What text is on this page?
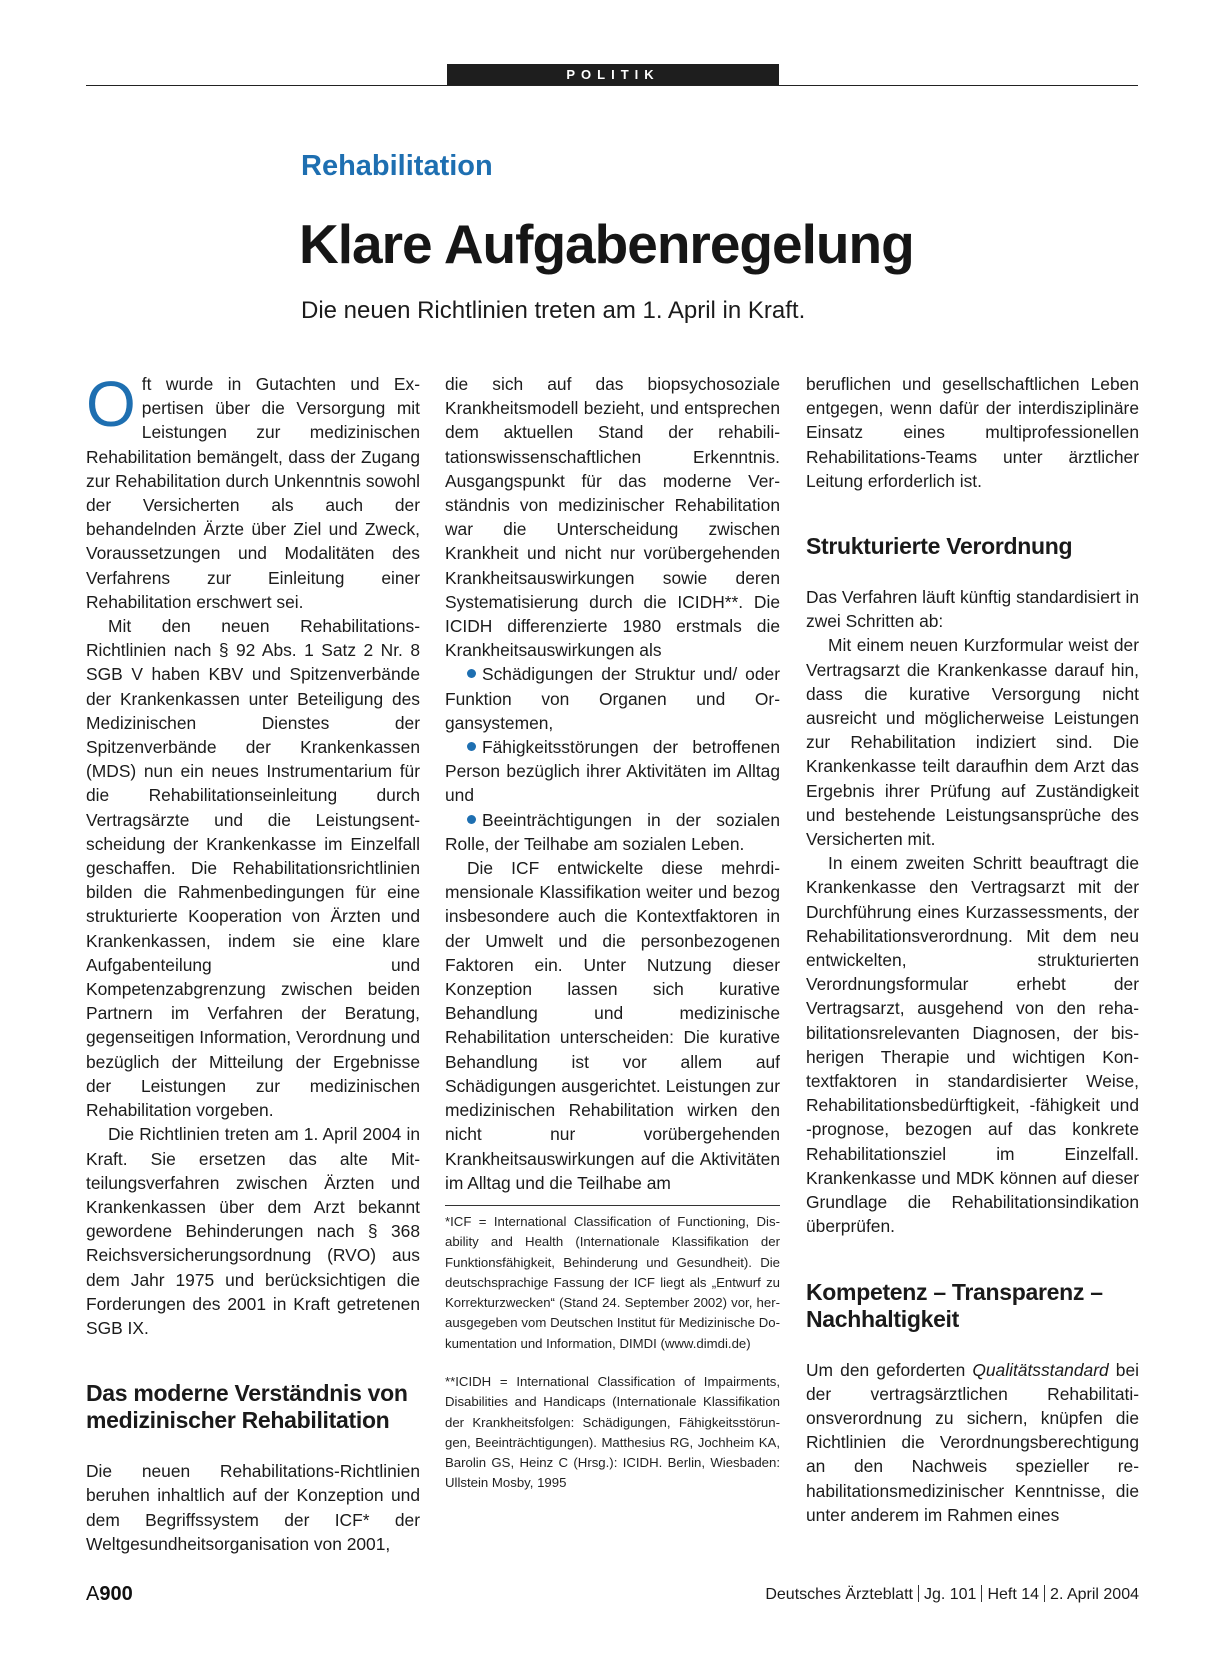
POLITIK
Rehabilitation
Klare Aufgabenregelung
Die neuen Richtlinien treten am 1. April in Kraft.

Oft wurde in Gutachten und Expertisen über die Versorgung mit Leistungen zur medizinischen Rehabilitation bemängelt, dass der Zugang zur Rehabilitation durch Unkenntnis sowohl der Versicherten als auch der behandelnden Ärzte über Ziel und Zweck, Voraussetzungen und Modalitäten des Verfahrens zur Einleitung einer Rehabilitation erschwert sei.

Mit den neuen Rehabilitations-Richtlinien nach § 92 Abs. 1 Satz 2 Nr. 8 SGB V haben KBV und Spitzenverbände der Krankenkassen unter Beteiligung des Medizinischen Dienstes der Spitzenverbände der Krankenkassen (MDS) nun ein neues Instrumentarium für die Rehabilitationseinleitung durch Vertragsärzte und die Leistungsentscheidung der Krankenkasse im Einzelfall geschaffen. Die Rehabilitationsrichtlinien bilden die Rahmenbedingungen für eine strukturierte Kooperation von Ärzten und Krankenkassen, indem sie eine klare Aufgabenteilung und Kompetenzabgrenzung zwischen beiden Partnern im Verfahren der Beratung, gegenseitigen Information, Verordnung und bezüglich der Mitteilung der Ergebnisse der Leistungen zur medizinischen Rehabilitation vorgeben.

Die Richtlinien treten am 1. April 2004 in Kraft. Sie ersetzen das alte Mitteilungsverfahren zwischen Ärzten und Krankenkassen über dem Arzt bekannt gewordene Behinderungen nach § 368 Reichsversicherungsordnung (RVO) aus dem Jahr 1975 und berücksichtigen die Forderungen des 2001 in Kraft getretenen SGB IX.

Das moderne Verständnis von
medizinischer Rehabilitation

Die neuen Rehabilitations-Richtlinien beruhen inhaltlich auf der Konzeption und dem Begriffssystem der ICF* der Weltgesundheitsorganisation von 2001,

die sich auf das biopsychosoziale Krankheitsmodell bezieht, und entsprechen dem aktuellen Stand der rehabilitationswissenschaftlichen Erkenntnis. Ausgangspunkt für das moderne Verständnis von medizinischer Rehabilitation war die Unterscheidung zwischen Krankheit und nicht nur vorübergehenden Krankheitsauswirkungen sowie deren Systematisierung durch die ICIDH**. Die ICIDH differenzierte 1980 erstmals die Krankheitsauswirkungen als

Schädigungen der Struktur und/ oder Funktion von Organen und Organsystemen,

Fähigkeitsstörungen der betroffenen Person bezüglich ihrer Aktivitäten im Alltag und

Beeinträchtigungen in der sozialen Rolle, der Teilhabe am sozialen Leben.

Die ICF entwickelte diese mehrdimensionale Klassifikation weiter und bezog insbesondere auch die Kontextfaktoren in der Umwelt und die personbezogenen Faktoren ein. Unter Nutzung dieser Konzeption lassen sich kurative Behandlung und medizinische Rehabilitation unterscheiden: Die kurative Behandlung ist vor allem auf Schädigungen ausgerichtet. Leistungen zur medizinischen Rehabilitation wirken den nicht nur vorübergehenden Krankheitsauswirkungen auf die Aktivitäten im Alltag und die Teilhabe am

*ICF = International Classification of Functioning, Disability and Health (Internationale Klassifikation der Funktionsfähigkeit, Behinderung und Gesundheit). Die deutschsprachige Fassung der ICF liegt als „Entwurf zu Korrekturzwecken“ (Stand 24. September 2002) vor, herausgegeben vom Deutschen Institut für Medizinische Dokumentation und Information, DIMDI (www.dimdi.de)

**ICIDH = International Classification of Impairments, Disabilities and Handicaps (Internationale Klassifikation der Krankheitsfolgen: Schädigungen, Fähigkeitsstörungen, Beeinträchtigungen). Matthesius RG, Jochheim KA, Barolin GS, Heinz C (Hrsg.): ICIDH. Berlin, Wiesbaden: Ullstein Mosby, 1995

beruflichen und gesellschaftlichen Leben entgegen, wenn dafür der interdisziplinäre Einsatz eines multiprofessionellen Rehabilitations-Teams unter ärztlicher Leitung erforderlich ist.

Strukturierte Verordnung

Das Verfahren läuft künftig standardisiert in zwei Schritten ab:

Mit einem neuen Kurzformular weist der Vertragsarzt die Krankenkasse darauf hin, dass die kurative Versorgung nicht ausreicht und möglicherweise Leistungen zur Rehabilitation indiziert sind. Die Krankenkasse teilt daraufhin dem Arzt das Ergebnis ihrer Prüfung auf Zuständigkeit und bestehende Leistungsansprüche des Versicherten mit.

In einem zweiten Schritt beauftragt die Krankenkasse den Vertragsarzt mit der Durchführung eines Kurzassessments, der Rehabilitationsverordnung. Mit dem neu entwickelten, strukturierten Verordnungsformular erhebt der Vertragsarzt, ausgehend von den rehabilitationsrelevanten Diagnosen, der bisherigen Therapie und wichtigen Kontextfaktoren in standardisierter Weise, Rehabilitationsbedürftigkeit, -fähigkeit und -prognose, bezogen auf das konkrete Rehabilitationsziel im Einzelfall. Krankenkasse und MDK können auf dieser Grundlage die Rehabilitationsindikation überprüfen.

Kompetenz – Transparenz –
Nachhaltigkeit

Um den geforderten Qualitätsstandard bei der vertragsärztlichen Rehabilitationsverordnung zu sichern, knüpfen die Richtlinien die Verordnungsberechtigung an den Nachweis spezieller rehabilitationsmedizinischer Kenntnisse, die unter anderem im Rahmen eines

A900	Deutsches Ärzteblatt Jg. 101 Heft 14 2. April 2004
